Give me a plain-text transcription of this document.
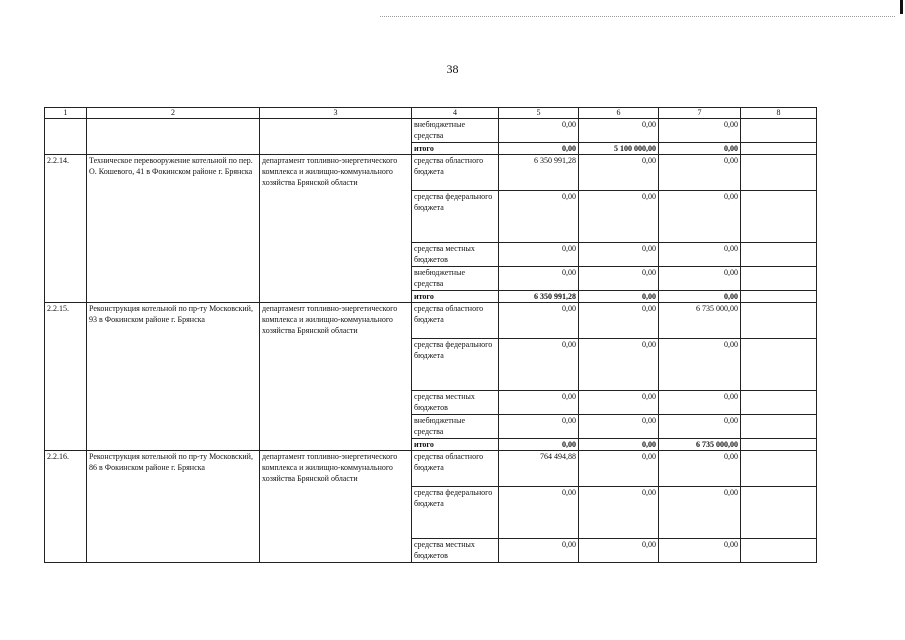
38
1	2	3	4	5	6	7	8
			внебюджетные средства	0,00	0,00	0,00	
			итого	0,00	5 100 000,00	0,00	
2.2.14.	Техническое перевооружение котельной по пер. О. Кошевого, 41 в Фокинском районе г. Брянска	департамент топливно-энергетического комплекса и жилищно-коммунального хозяйства Брянской области	средства областного бюджета	6 350 991,28	0,00	0,00	
			средства федерального бюджета	0,00	0,00	0,00	
			средства местных бюджетов	0,00	0,00	0,00	
			внебюджетные средства	0,00	0,00	0,00	
			итого	6 350 991,28	0,00	0,00	
2.2.15.	Реконструкция котельной по пр-ту Московский, 93 в Фокинском районе г. Брянска	департамент топливно-энергетического комплекса и жилищно-коммунального хозяйства Брянской области	средства областного бюджета	0,00	0,00	6 735 000,00	
			средства федерального бюджета	0,00	0,00	0,00	
			средства местных бюджетов	0,00	0,00	0,00	
			внебюджетные средства	0,00	0,00	0,00	
			итого	0,00	0,00	6 735 000,00	
2.2.16.	Реконструкция котельной по пр-ту Московский, 86 в Фокинском районе г. Брянска	департамент топливно-энергетического комплекса и жилищно-коммунального хозяйства Брянской области	средства областного бюджета	764 494,88	0,00	0,00	
			средства федерального бюджета	0,00	0,00	0,00	
			средства местных бюджетов	0,00	0,00	0,00	
